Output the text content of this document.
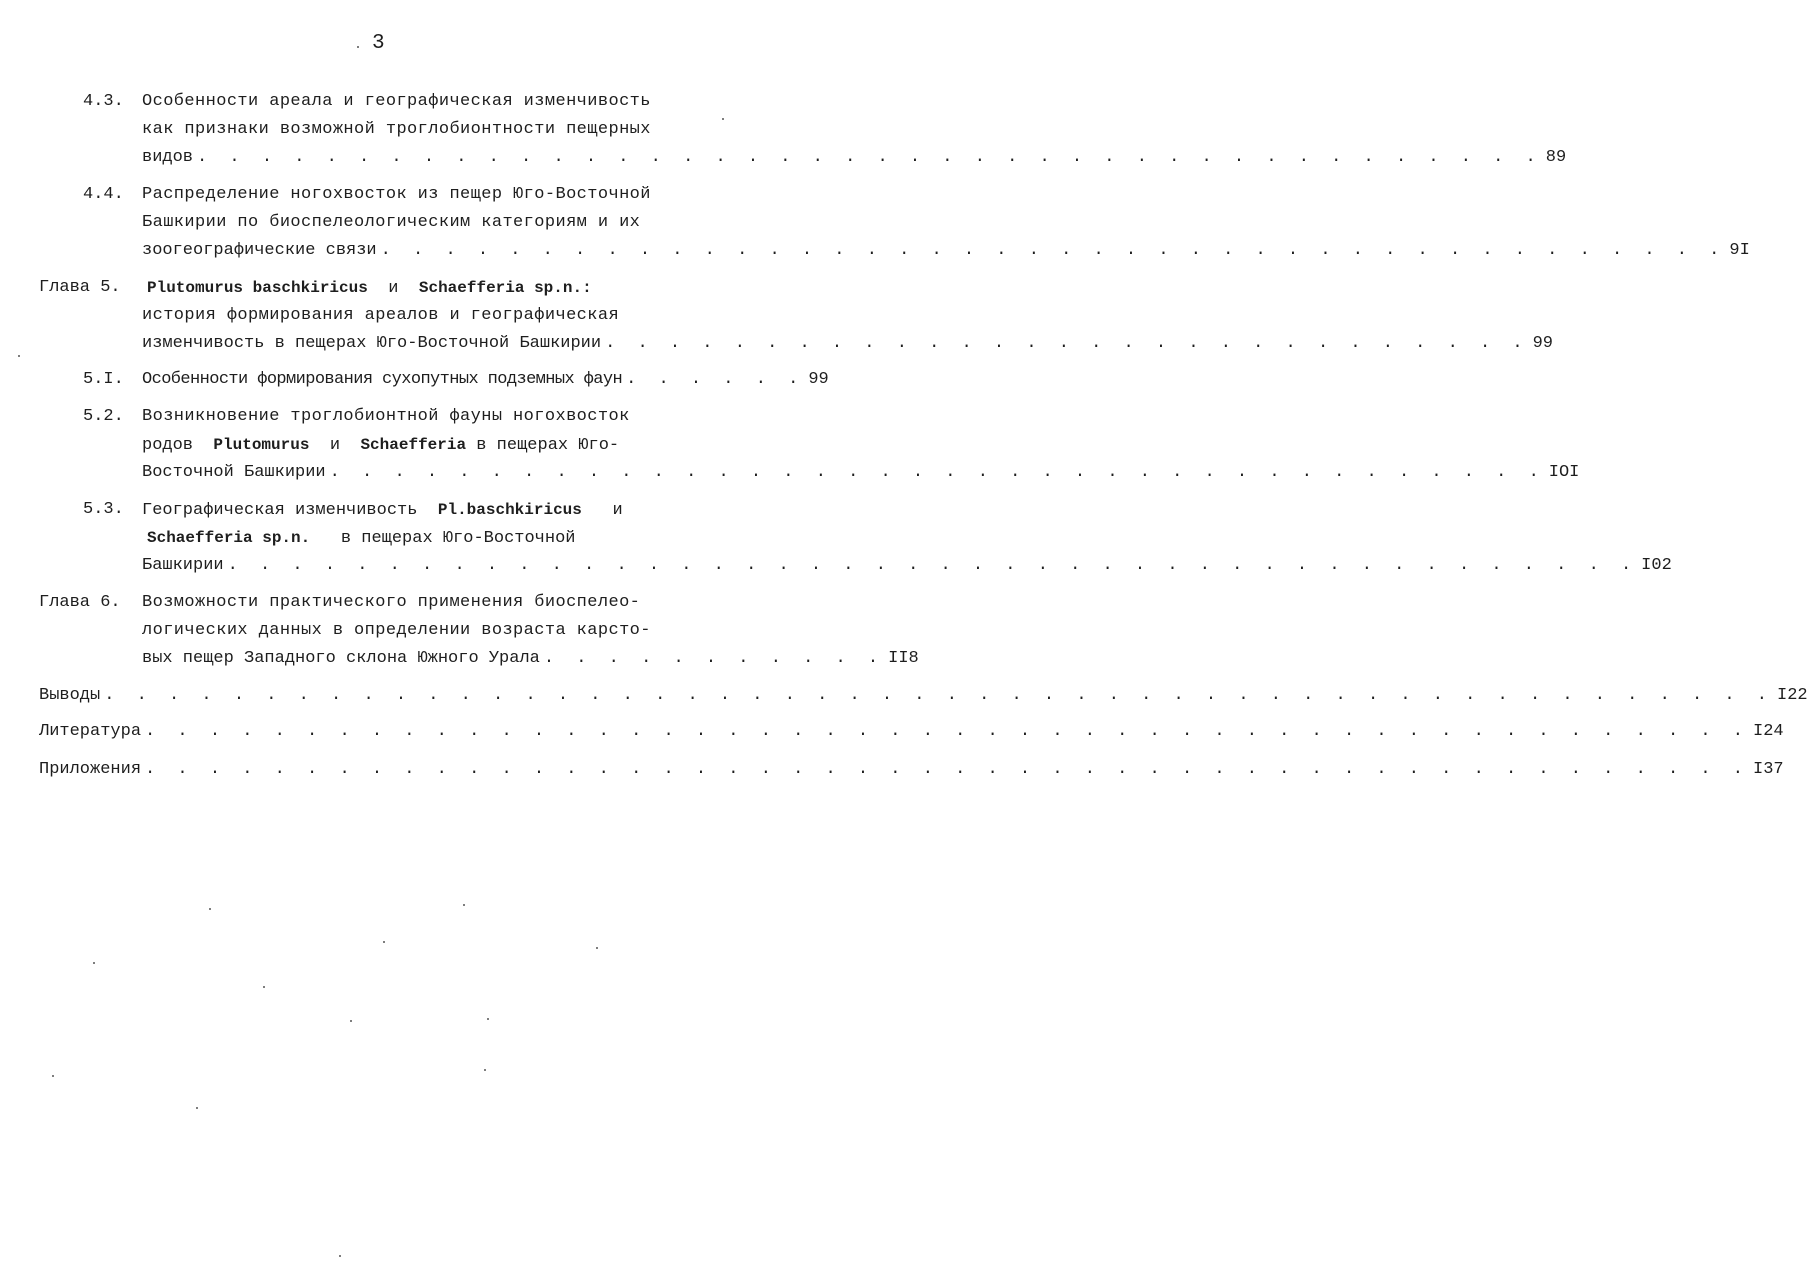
3
4.3. Особенности ареала и географическая изменчивость
как признаки возможной троглобионтности пещерных
видов . . . . . . . . . . . . . . . . . . . . . . . . . . . . . . . . . . . . . . . . . . 89
4.4. Распределение ногохвосток из пещер Юго-Восточной
Башкирии по биоспелеологическим категориям и их
зоогеографические связи . . . . . . . . . . . . . . . . . . . . . . . . . . . . . . . . . . . . . . . . . . 9I
Глава 5. Plutomurus baschkiricus и Schaefferia sp.n.:
история формирования ареалов и географическая
изменчивость в пещерах Юго-Восточной Башкирии . . . . . . . . . . . . . . . . . . . . . . . . . . . . . 99
5.I. Особенности формирования сухопутных подземных фаун . . . . . . 99
5.2. Возникновение троглобионтной фауны ногохвосток
родов Plutomurus и Schaefferia в пещерах Юго-
Восточной Башкирии . . . . . . . . . . . . . . . . . . . . . . . . . . . . . . . . . . . . . . IOI
5.3. Географическая изменчивость Pl.baschkiricus и
Schaefferia sp.n. в пещерах Юго-Восточной
Башкирии . . . . . . . . . . . . . . . . . . . . . . . . . . . . . . . . . . . . . . . . . . . . I02
Глава 6. Возможности практического применения биоспелео-
логических данных в определении возраста карсто-
вых пещер Западного склона Южного Урала . . . . . . . . . . . II8
Выводы . . . . . . . . . . . . . . . . . . . . . . . . . . . . . . . . . . . . . . . . . . . . . . . . . . . . I22
Литература . . . . . . . . . . . . . . . . . . . . . . . . . . . . . . . . . . . . . . . . . . . . . . . . . . I24
Приложения . . . . . . . . . . . . . . . . . . . . . . . . . . . . . . . . . . . . . . . . . . . . . . . . . . I37
